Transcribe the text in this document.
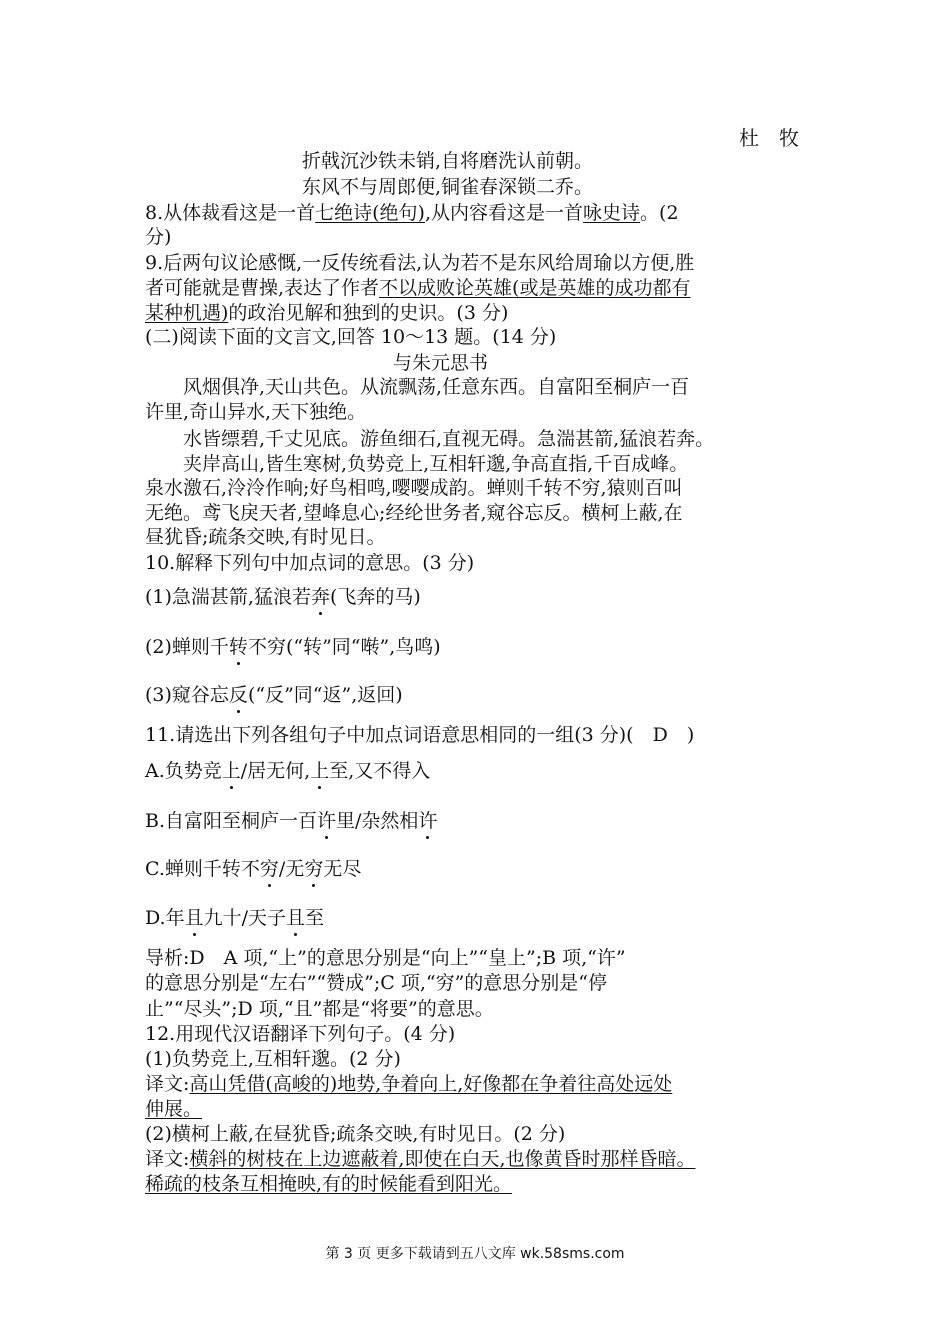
杜　牧
折戟沉沙铁未销,自将磨洗认前朝。
东风不与周郎便,铜雀春深锁二乔。
8.从体裁看这是一首七绝诗(绝句),从内容看这是一首咏史诗。(2
分)
9.后两句议论感慨,一反传统看法,认为若不是东风给周瑜以方便,胜
者可能就是曹操,表达了作者不以成败论英雄(或是英雄的成功都有
某种机遇)的政治见解和独到的史识。(3 分)
(二)阅读下面的文言文,回答 10～13 题。(14 分)
与朱元思书
　　风烟俱净,天山共色。从流飘荡,任意东西。自富阳至桐庐一百
许里,奇山异水,天下独绝。
　　水皆缥碧,千丈见底。游鱼细石,直视无碍。急湍甚箭,猛浪若奔。
　　夹岸高山,皆生寒树,负势竞上,互相轩邈,争高直指,千百成峰。
泉水激石,泠泠作响;好鸟相鸣,嘤嘤成韵。蝉则千转不穷,猿则百叫
无绝。鸢飞戾天者,望峰息心;经纶世务者,窥谷忘反。横柯上蔽,在
昼犹昏;疏条交映,有时见日。
10.解释下列句中加点词的意思。(3 分)
(1)急湍甚箭,猛浪若奔(飞奔的马)
(2)蝉则千转不穷(“转”同“啭”,鸟鸣)
(3)窥谷忘反(“反”同“返”,返回)
11.请选出下列各组句子中加点词语意思相同的一组(3 分)(　D　)
A.负势竞上/居无何,上至,又不得入
B.自富阳至桐庐一百许里/杂然相许
C.蝉则千转不穷/无穷无尽
D.年且九十/天子且至
导析:D　A 项,“上”的意思分别是“向上”“皇上”;B 项,“许”
的意思分别是“左右”“赞成”;C 项,“穷”的意思分别是“停
止”“尽头”;D 项,“且”都是“将要”的意思。
12.用现代汉语翻译下列句子。(4 分)
(1)负势竞上,互相轩邈。(2 分)
译文:高山凭借(高峻的)地势,争着向上,好像都在争着往高处远处
伸展。
(2)横柯上蔽,在昼犹昏;疏条交映,有时见日。(2 分)
译文:横斜的树枝在上边遮蔽着,即使在白天,也像黄昏时那样昏暗。
稀疏的枝条互相掩映,有的时候能看到阳光。
第 3 页 更多下载请到五八文库 wk.58sms.com
